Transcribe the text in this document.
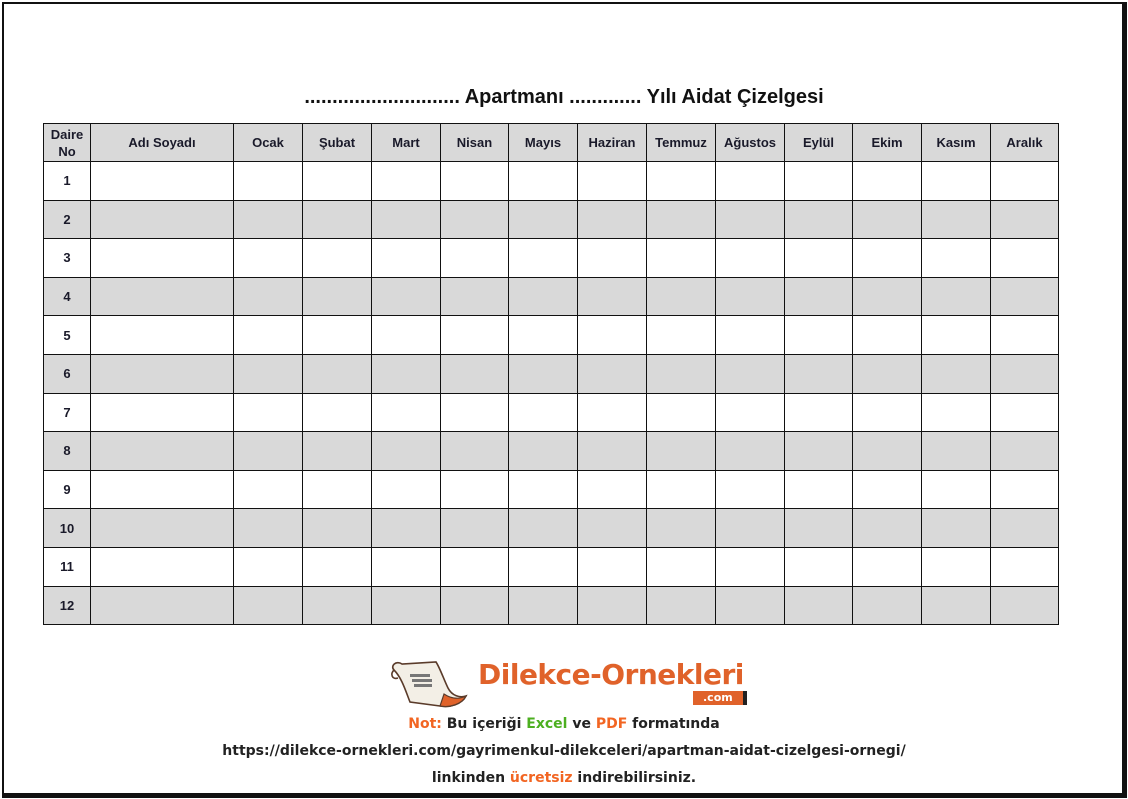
............................ Apartmanı ............. Yılı Aidat Çizelgesi
Daire
No	Adı Soyadı	Ocak	Şubat	Mart	Nisan	Mayıs	Haziran	Temmuz	Ağustos	Eylül	Ekim	Kasım	Aralık
1													
2													
3													
4													
5													
6													
7													
8													
9													
10													
11													
12													
Dilekce-Ornekleri
.com
Not: Bu içeriği Excel ve PDF formatında
https://dilekce-ornekleri.com/gayrimenkul-dilekceleri/apartman-aidat-cizelgesi-ornegi/
linkinden ücretsiz indirebilirsiniz.
